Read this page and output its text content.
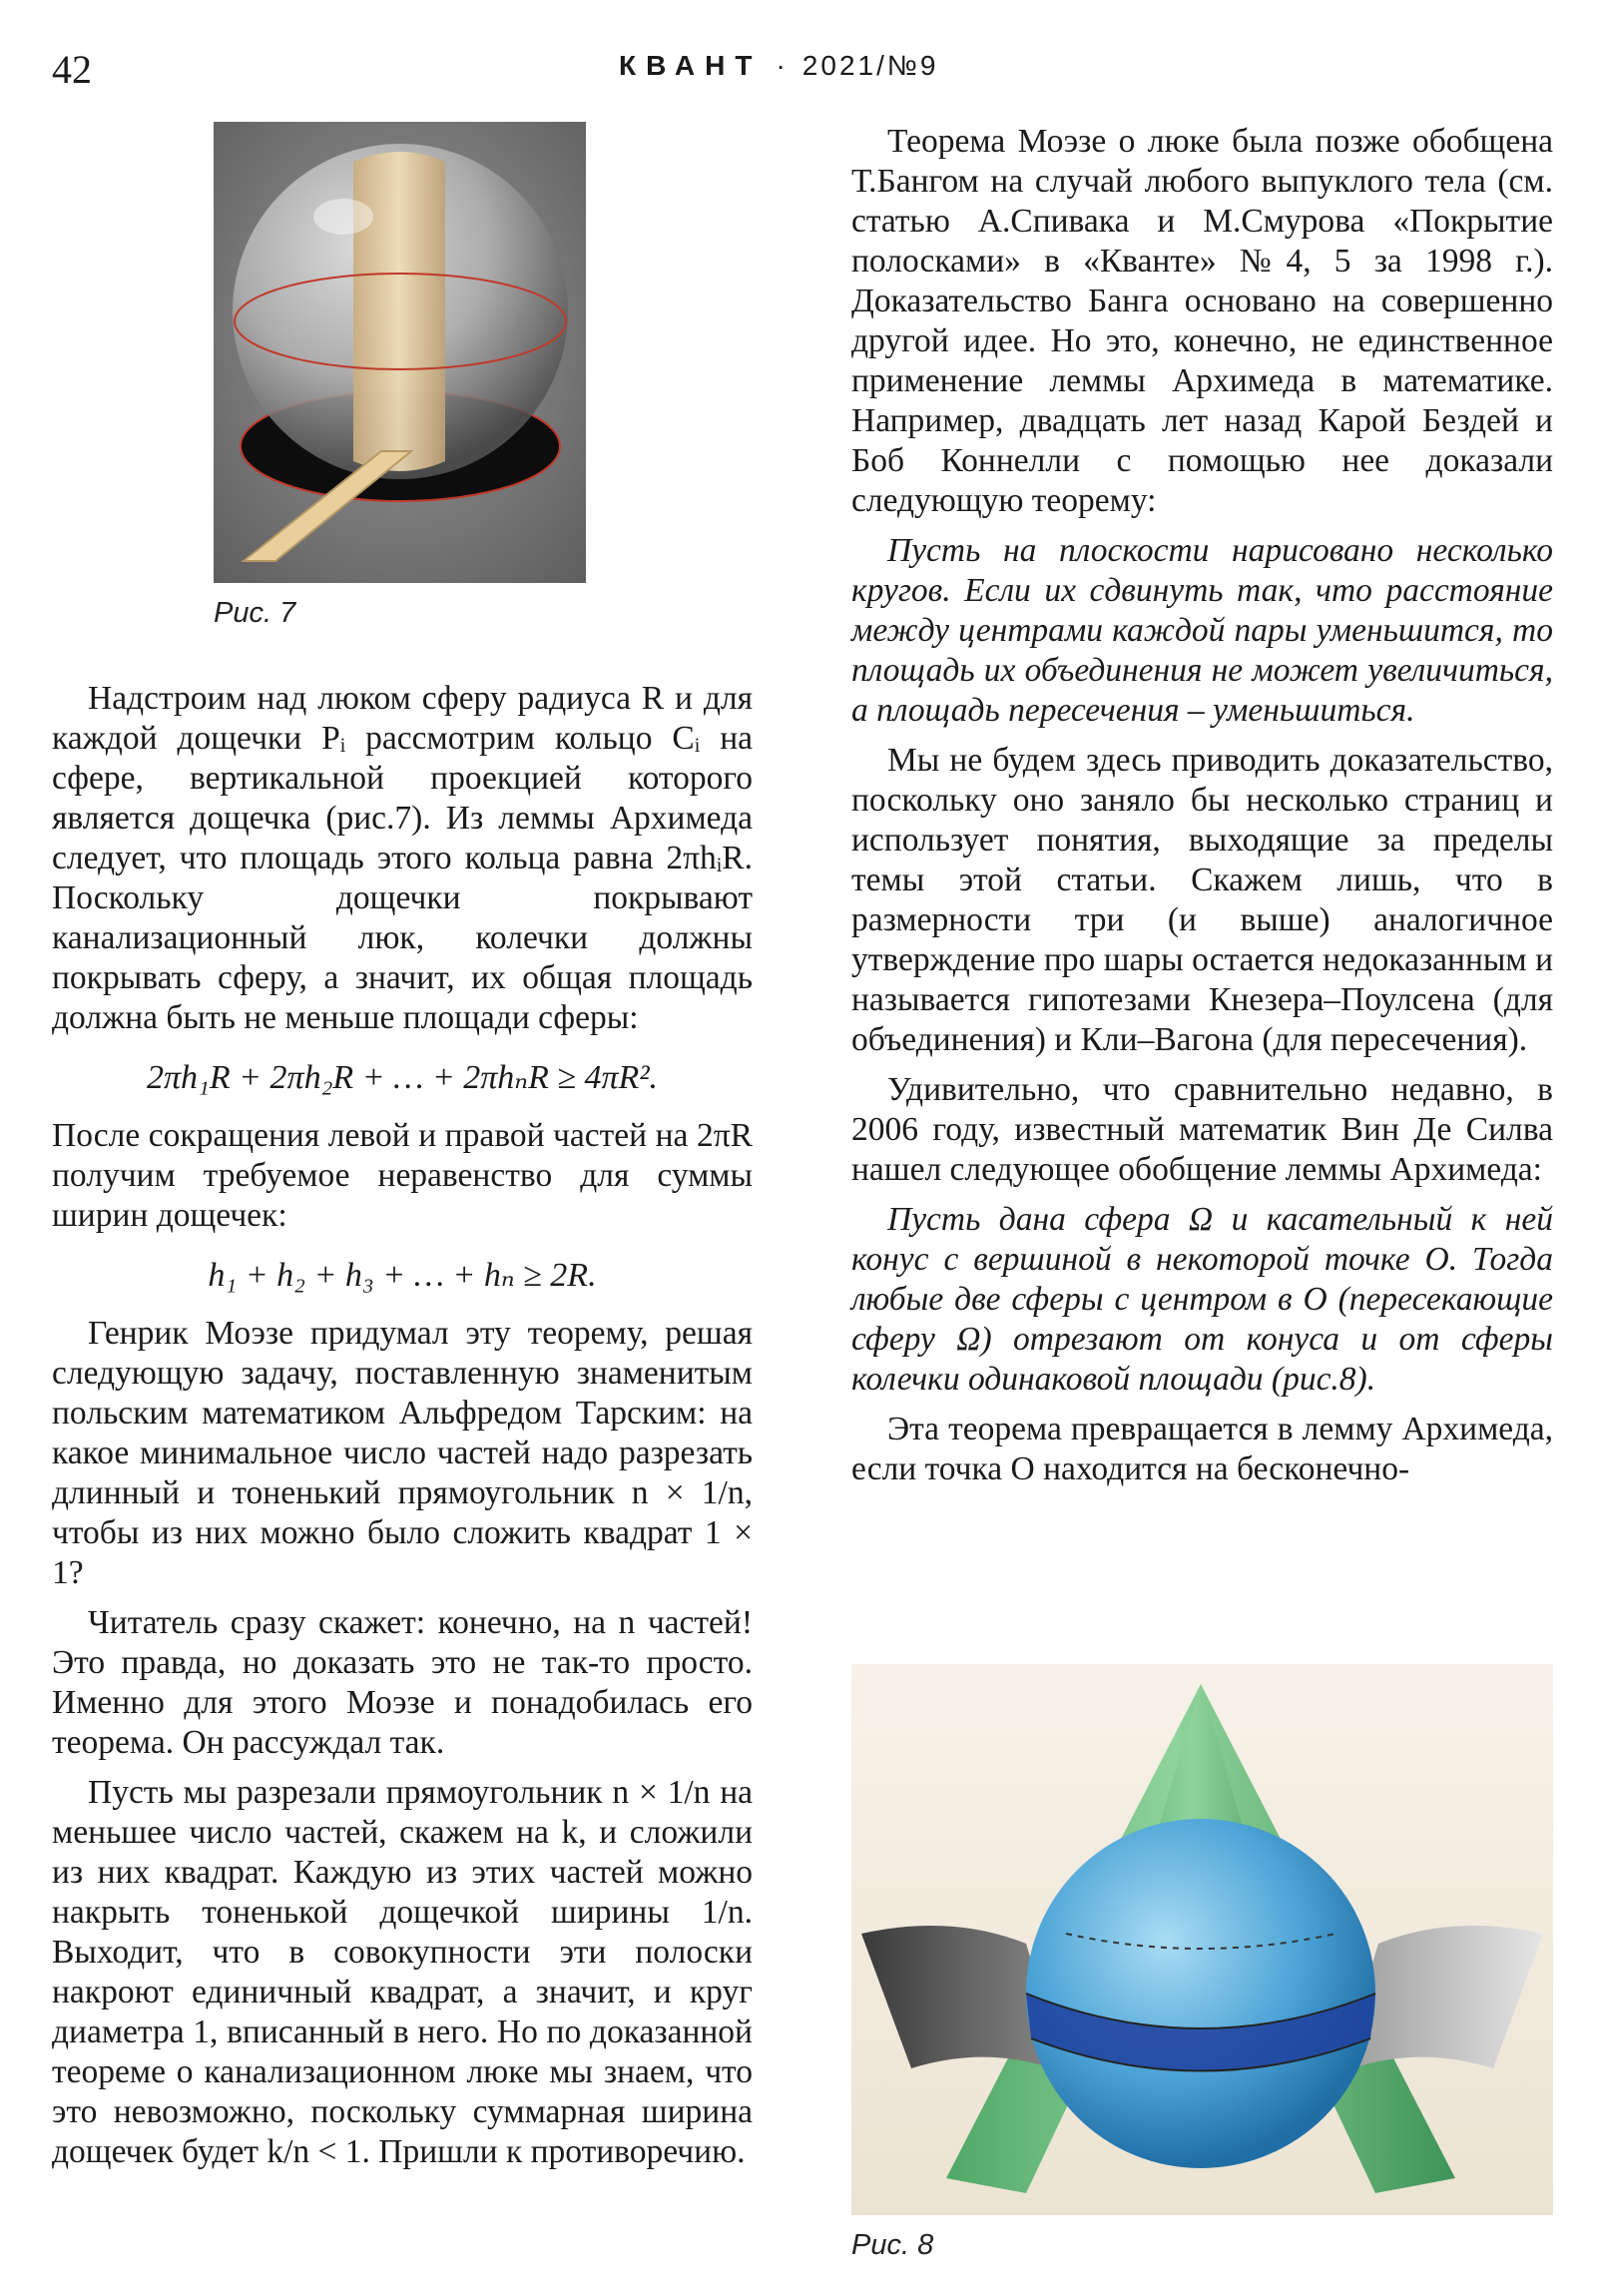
42	КВАНТ · 2021/№9
Рис. 7

Надстроим над люком сферу радиуса R и для каждой дощечки Pᵢ рассмотрим кольцо Cᵢ на сфере, вертикальной проекцией которого является дощечка (рис.7). Из леммы Архимеда следует, что площадь этого кольца равна 2πhᵢR. Поскольку дощечки покрывают канализационный люк, колечки должны покрывать сферу, а значит, их общая площадь должна быть не меньше площади сферы:

2πh₁R + 2πh₂R + … + 2πhₙR ≥ 4πR².

После сокращения левой и правой частей на 2πR получим требуемое неравенство для суммы ширин дощечек:

h₁ + h₂ + h₃ + … + hₙ ≥ 2R.

Генрик Моэзе придумал эту теорему, решая следующую задачу, поставленную знаменитым польским математиком Альфредом Тарским: на какое минимальное число частей надо разрезать длинный и тоненький прямоугольник n × 1/n, чтобы из них можно было сложить квадрат 1 × 1?

Читатель сразу скажет: конечно, на n частей! Это правда, но доказать это не так-то просто. Именно для этого Моэзе и понадобилась его теорема. Он рассуждал так.

Пусть мы разрезали прямоугольник n × 1/n на меньшее число частей, скажем на k, и сложили из них квадрат. Каждую из этих частей можно накрыть тоненькой дощечкой ширины 1/n. Выходит, что в совокупности эти полоски накроют единичный квадрат, а значит, и круг диаметра 1, вписанный в него. Но по доказанной теореме о канализационном люке мы знаем, что это невозможно, поскольку суммарная ширина дощечек будет k/n < 1. Пришли к противоречию.

Теорема Моэзе о люке была позже обобщена Т.Бангом на случай любого выпуклого тела (см. статью А.Спивака и М.Смурова «Покрытие полосками» в «Кванте» №4, 5 за 1998 г.). Доказательство Банга основано на совершенно другой идее. Но это, конечно, не единственное применение леммы Архимеда в математике. Например, двадцать лет назад Карой Бездей и Боб Коннелли с помощью нее доказали следующую теорему:

Пусть на плоскости нарисовано несколько кругов. Если их сдвинуть так, что расстояние между центрами каждой пары уменьшится, то площадь их объединения не может увеличиться, а площадь пересечения – уменьшиться.

Мы не будем здесь приводить доказательство, поскольку оно заняло бы несколько страниц и использует понятия, выходящие за пределы темы этой статьи. Скажем лишь, что в размерности три (и выше) аналогичное утверждение про шары остается недоказанным и называется гипотезами Кнезера–Поулсена (для объединения) и Кли–Вагона (для пересечения).

Удивительно, что сравнительно недавно, в 2006 году, известный математик Вин Де Силва нашел следующее обобщение леммы Архимеда:

Пусть дана сфера Ω и касательный к ней конус с вершиной в некоторой точке O. Тогда любые две сферы с центром в O (пересекающие сферу Ω) отрезают от конуса и от сферы колечки одинаковой площади (рис.8).

Эта теорема превращается в лемму Архимеда, если точка O находится на бесконечно-

Рис. 8
